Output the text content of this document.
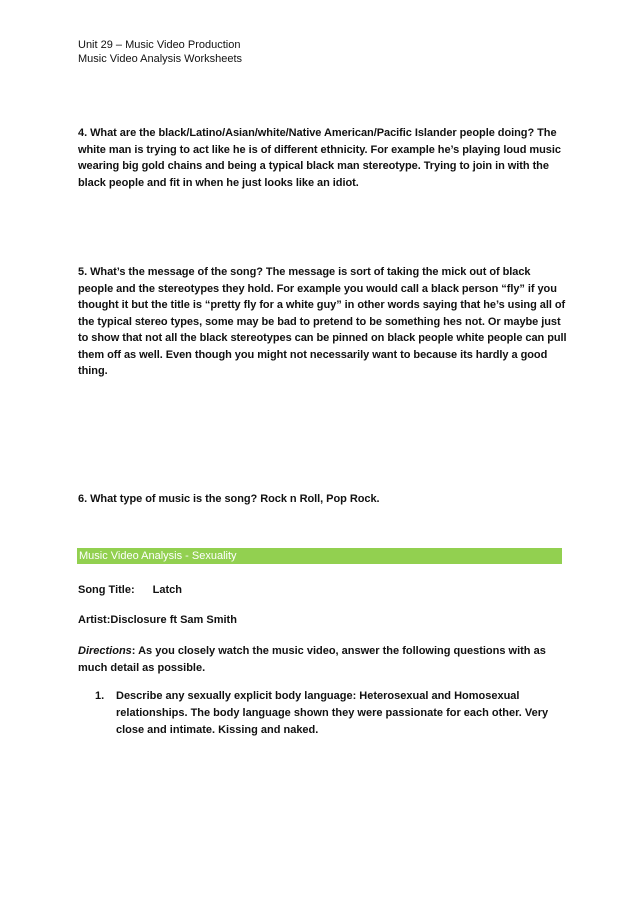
Unit 29 – Music Video Production
Music Video Analysis Worksheets
4. What are the black/Latino/Asian/white/Native American/Pacific Islander people doing? The white man is trying to act like he is of different ethnicity. For example he’s playing loud music wearing big gold chains and being a typical black man stereotype. Trying to join in with the black people and fit in when he just looks like an idiot.
5. What’s the message of the song? The message is sort of taking the mick out of black people and the stereotypes they hold. For example you would call a black person “fly” if you thought it but the title is “pretty fly for a white guy” in other words saying that he’s using all of the typical stereo types, some may be bad to pretend to be something hes not. Or maybe just to show that not all the black stereotypes can be pinned on black people white people can pull them off as well. Even though you might not necessarily want to because its hardly a good thing.
6. What type of music is the song? Rock n Roll, Pop Rock.
Music Video Analysis - Sexuality
Song Title: Latch
Artist:Disclosure ft Sam Smith
Directions: As you closely watch the music video, answer the following questions with as much detail as possible.
1. Describe any sexually explicit body language: Heterosexual and Homosexual relationships. The body language shown they were passionate for each other. Very close and intimate. Kissing and naked.
